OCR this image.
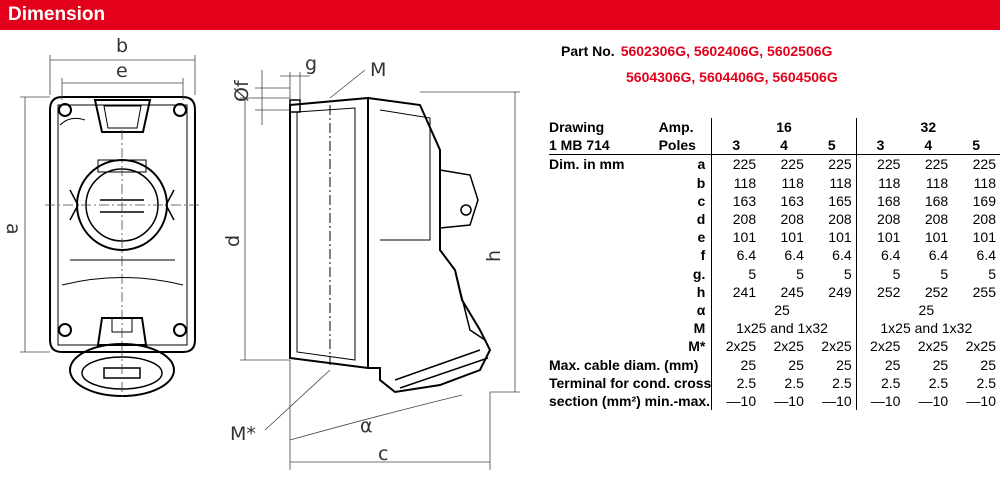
Dimension
b
e
a
Øf
g	M
d
h
M*	α
c
Part No. 5602306G, 5602406G, 5602506G
5604306G, 5604406G, 5604506G
Drawing	Amp.	16			32		
1 MB 714	Poles	3	4	5	3	4	5
Dim. in mm	a	225	225	225	225	225	225
	b	118	118	118	118	118	118
	c	163	163	165	168	168	169
	d	208	208	208	208	208	208
	e	101	101	101	101	101	101
	f	6.4	6.4	6.4	6.4	6.4	6.4
	g.	5	5	5	5	5	5
	h	241	245	249	252	252	255
	α	25			25		
	M	1x25 and 1x32			1x25 and 1x32		
	M*	2x25	2x25	2x25	2x25	2x25	2x25
Max. cable diam. (mm)		25	25	25	25	25	25
Terminal for cond. cross		2.5	2.5	2.5	2.5	2.5	2.5
section (mm²) min.-max.		—10	—10	—10	—10	—10	—10
